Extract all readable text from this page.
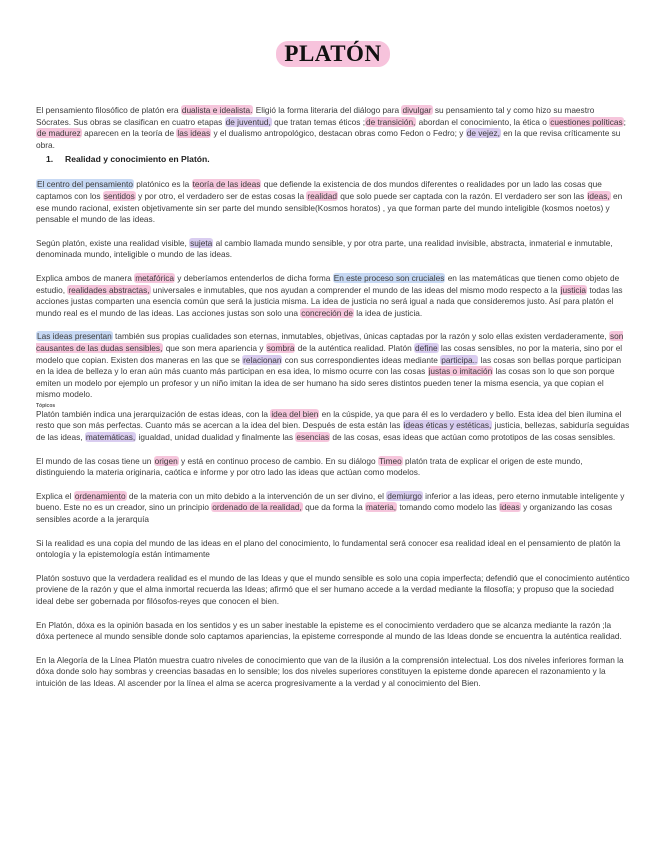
PLATÓN

El pensamiento filosófico de platón era dualista e idealista. Eligió la forma literaria del diálogo para divulgar su pensamiento tal y como hizo su maestro Sócrates. Sus obras se clasifican en cuatro etapas de juventud, que tratan temas éticos ;de transición, abordan el conocimiento, la ética o cuestiones políticas; de madurez aparecen en la teoría de las ideas y el dualismo antropológico, destacan obras como Fedon o Fedro; y de vejez, en la que revisa críticamente su obra.

1. Realidad y conocimiento en Platón.

El centro del pensamiento platónico es la teoría de las ideas que defiende la existencia de dos mundos diferentes o realidades por un lado las cosas que captamos con los sentidos y por otro, el verdadero ser de estas cosas la realidad que solo puede ser captada con la razón. El verdadero ser son las ideas, en ese mundo racional, existen objetivamente sin ser parte del mundo sensible(Kosmos horatos) , ya que forman parte del mundo inteligible (kosmos noetos) y pensable el mundo de las ideas.

Según platón, existe una realidad visible, sujeta al cambio llamada mundo sensible, y por otra parte, una realidad invisible, abstracta, inmaterial e inmutable, denominada mundo, inteligible o mundo de las ideas.

Explica ambos de manera metafórica y deberíamos entenderlos de dicha forma En este proceso son cruciales en las matemáticas que tienen como objeto de estudio, realidades abstractas, universales e inmutables, que nos ayudan a comprender el mundo de las ideas del mismo modo respecto a la justicia todas las acciones justas comparten una esencia común que será la justicia misma. La idea de justicia no será igual a nada que consideremos justo. Así para platón el mundo real es el mundo de las ideas. Las acciones justas son solo una concreción de la idea de justicia.

Las ideas presentan también sus propias cualidades son eternas, inmutables, objetivas, únicas captadas por la razón y solo ellas existen verdaderamente, son causantes de las dudas sensibles, que son mera apariencia y sombra de la auténtica realidad. Platón define las cosas sensibles, no por la materia, sino por el modelo que copian. Existen dos maneras en las que se relacionan con sus correspondientes ideas mediante participa.. las cosas son bellas porque participan en la idea de belleza y lo eran aún más cuanto más participan en esa idea, lo mismo ocurre con las cosas justas o imitación las cosas son lo que son porque emiten un modelo por ejemplo un profesor y un niño imitan la idea de ser humano ha sido seres distintos pueden tener la misma esencia, ya que copian el mismo modelo.

Tópicos

Platón también indica una jerarquización de estas ideas, con la idea del bien en la cúspide, ya que para él es lo verdadero y bello. Esta idea del bien ilumina el resto que son más perfectas. Cuanto más se acercan a la idea del bien. Después de esta están las ideas éticas y estéticas, justicia, bellezas, sabiduría seguidas de las ideas, matemáticas, igualdad, unidad dualidad y finalmente las esencias de las cosas, esas ideas que actúan como prototipos de las cosas sensibles.

El mundo de las cosas tiene un origen y está en continuo proceso de cambio. En su diálogo Timeo platón trata de explicar el origen de este mundo, distinguiendo la materia originaria, caótica e informe y por otro lado las ideas que actúan como modelos.

Explica el ordenamiento de la materia con un mito debido a la intervención de un ser divino, el demiurgo inferior a las ideas, pero eterno inmutable inteligente y bueno. Este no es un creador, sino un principio ordenado de la realidad, que da forma la materia, tomando como modelo las ideas y organizando las cosas sensibles acorde a la jerarquía

Si la realidad es una copia del mundo de las ideas en el plano del conocimiento, lo fundamental será conocer esa realidad ideal en el pensamiento de platón la ontología y la epistemología están íntimamente

Platón sostuvo que la verdadera realidad es el mundo de las Ideas y que el mundo sensible es solo una copia imperfecta; defendió que el conocimiento auténtico proviene de la razón y que el alma inmortal recuerda las Ideas; afirmó que el ser humano accede a la verdad mediante la filosofía; y propuso que la sociedad ideal debe ser gobernada por filósofos-reyes que conocen el bien.

En Platón, dóxa es la opinión basada en los sentidos y es un saber inestable la episteme es el conocimiento verdadero que se alcanza mediante la razón ;la dóxa pertenece al mundo sensible donde solo captamos apariencias, la episteme corresponde al mundo de las Ideas donde se encuentra la auténtica realidad.

En la Alegoría de la Línea Platón muestra cuatro niveles de conocimiento que van de la ilusión a la comprensión intelectual. Los dos niveles inferiores forman la dóxa donde solo hay sombras y creencias basadas en lo sensible; los dos niveles superiores constituyen la episteme donde aparecen el razonamiento y la intuición de las Ideas. Al ascender por la línea el alma se acerca progresivamente a la verdad y al conocimiento del Bien.
